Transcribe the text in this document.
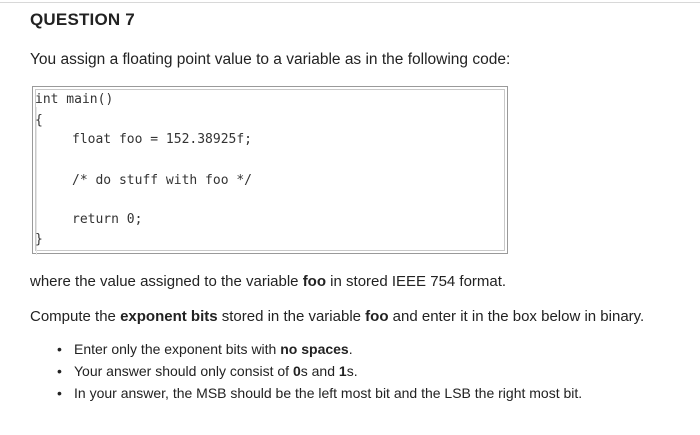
QUESTION 7
You assign a floating point value to a variable as in the following code:
int main()
{
float foo = 152.38925f;
/* do stuff with foo */
return 0;
}
where the value assigned to the variable foo in stored IEEE 754 format.
Compute the exponent bits stored in the variable foo and enter it in the box below in binary.
• Enter only the exponent bits with no spaces.
• Your answer should only consist of 0s and 1s.
• In your answer, the MSB should be the left most bit and the LSB the right most bit.
